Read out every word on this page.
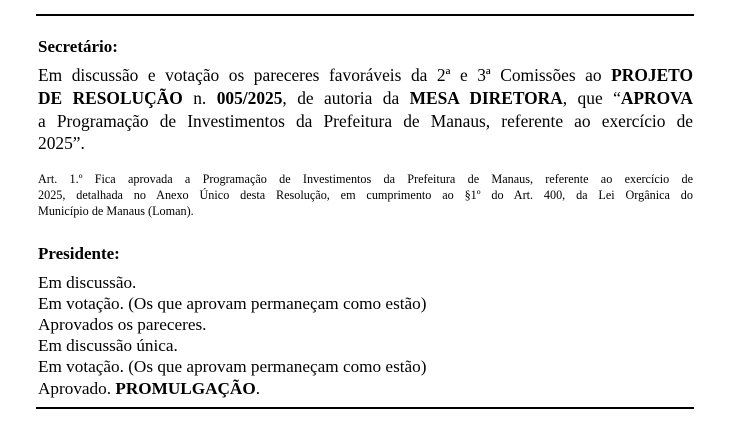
Secretário:
Em discussão e votação os pareceres favoráveis da 2ª e 3ª Comissões ao PROJETO
DE RESOLUÇÃO n. 005/2025, de autoria da MESA DIRETORA, que “APROVA
a Programação de Investimentos da Prefeitura de Manaus, referente ao exercício de
2025”.
Art. 1.º Fica aprovada a Programação de Investimentos da Prefeitura de Manaus, referente ao exercício de
2025, detalhada no Anexo Único desta Resolução, em cumprimento ao §1º do Art. 400, da Lei Orgânica do
Município de Manaus (Loman).
Presidente:
Em discussão.
Em votação. (Os que aprovam permaneçam como estão)
Aprovados os pareceres.
Em discussão única.
Em votação. (Os que aprovam permaneçam como estão)
Aprovado. PROMULGAÇÃO.
